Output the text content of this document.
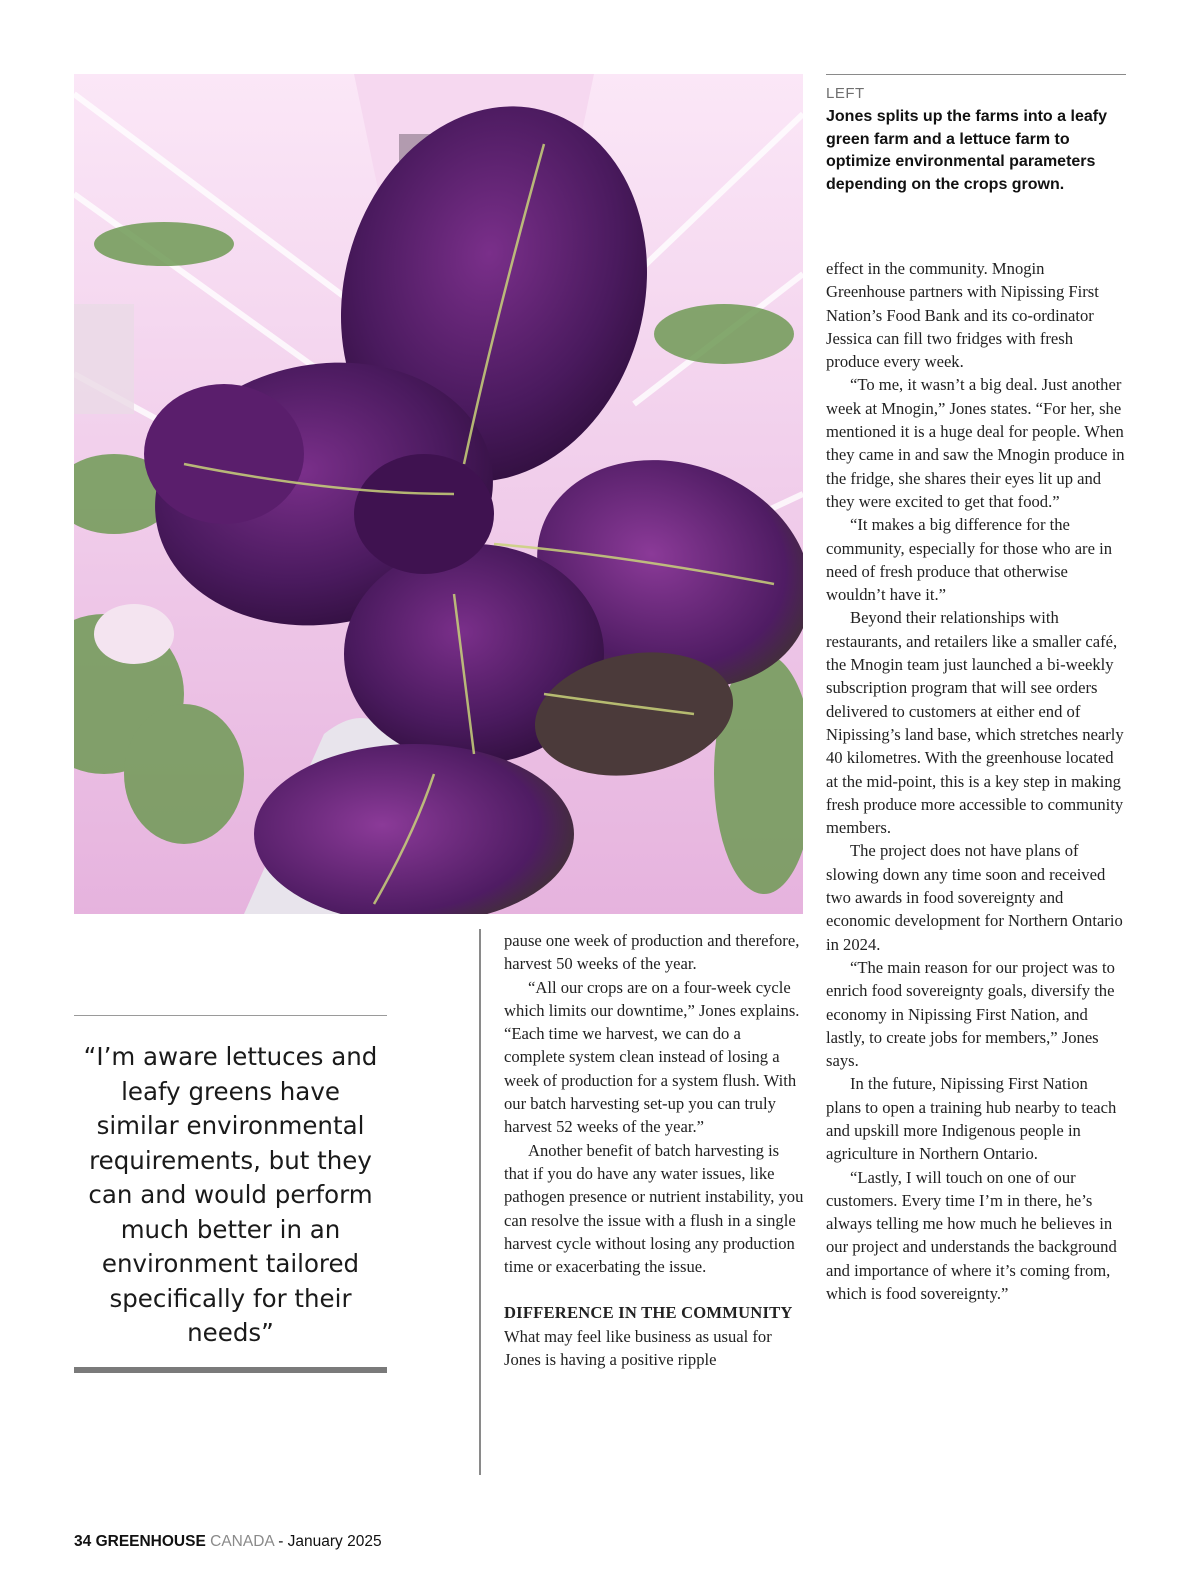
LEFT
Jones splits up the farms into a leafy green farm and a lettuce farm to optimize environmental parameters depending on the crops grown.
“I’m aware lettuces and leafy greens have similar environmental requirements, but they can and would perform much better in an environment tailored specifically for their needs”

pause one week of production and therefore, harvest 50 weeks of the year.

“All our crops are on a four-week cycle which limits our downtime,” Jones explains. “Each time we harvest, we can do a complete system clean instead of losing a week of production for a system flush. With our batch harvesting set-up you can truly harvest 52 weeks of the year.”

Another benefit of batch harvesting is that if you do have any water issues, like pathogen presence or nutrient instability, you can resolve the issue with a flush in a single harvest cycle without losing any production time or exacerbating the issue.

DIFFERENCE IN THE COMMUNITY

What may feel like business as usual for Jones is having a positive ripple

effect in the community. Mnogin Greenhouse partners with Nipissing First Nation’s Food Bank and its co-ordinator Jessica can fill two fridges with fresh produce every week.

“To me, it wasn’t a big deal. Just another week at Mnogin,” Jones states. “For her, she mentioned it is a huge deal for people. When they came in and saw the Mnogin produce in the fridge, she shares their eyes lit up and they were excited to get that food.”

“It makes a big difference for the community, especially for those who are in need of fresh produce that otherwise wouldn’t have it.”

Beyond their relationships with restaurants, and retailers like a smaller café, the Mnogin team just launched a bi-weekly subscription program that will see orders delivered to customers at either end of Nipissing’s land base, which stretches nearly 40 kilometres. With the greenhouse located at the mid-point, this is a key step in making fresh produce more accessible to community members.

The project does not have plans of slowing down any time soon and received two awards in food sovereignty and economic development for Northern Ontario in 2024.

“The main reason for our project was to enrich food sovereignty goals, diversify the economy in Nipissing First Nation, and lastly, to create jobs for members,” Jones says.

In the future, Nipissing First Nation plans to open a training hub nearby to teach and upskill more Indigenous people in agriculture in Northern Ontario.

“Lastly, I will touch on one of our customers. Every time I’m in there, he’s always telling me how much he believes in our project and understands the background and importance of where it’s coming from, which is food sovereignty.”

34 GREENHOUSE CANADA - January 2025
